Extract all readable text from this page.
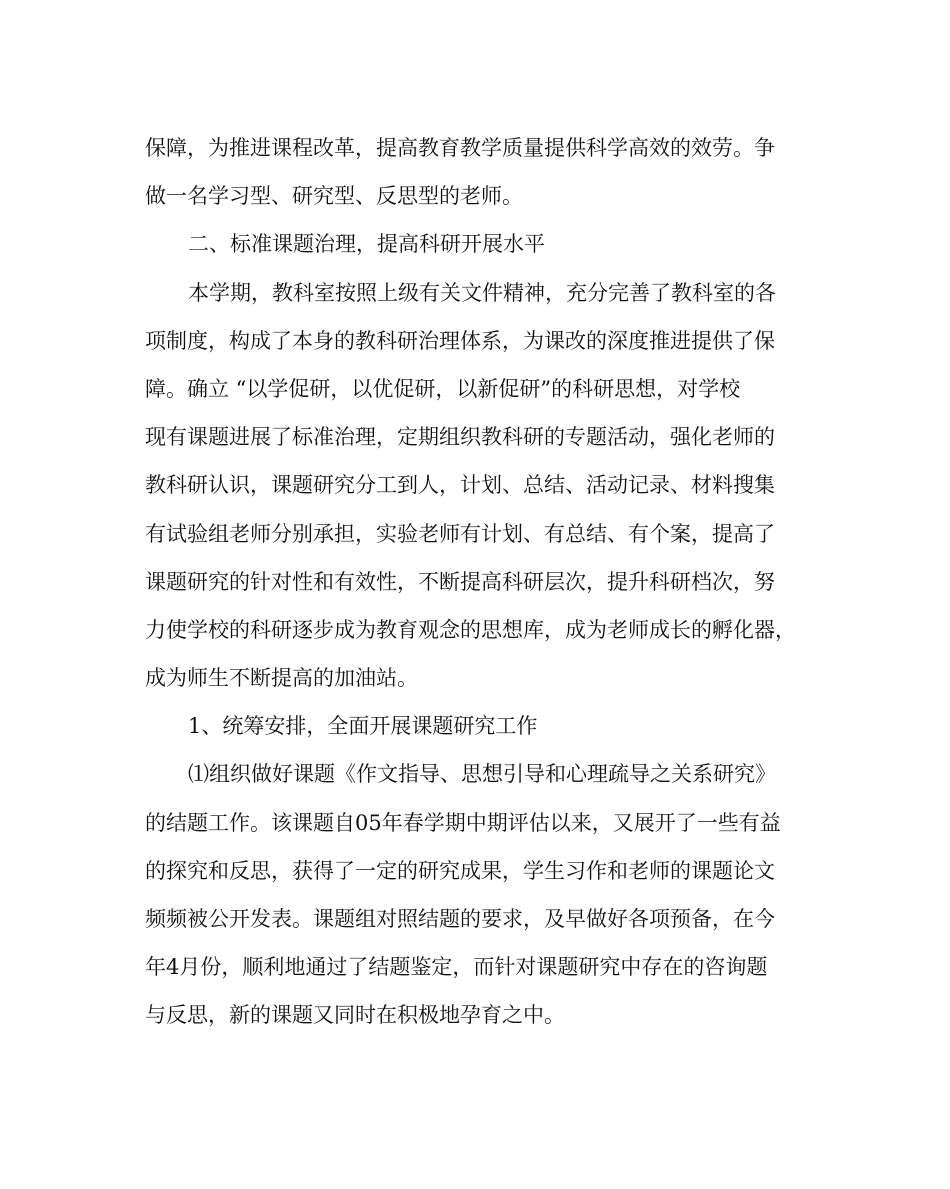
保障，为推进课程改革，提高教育教学质量提供科学高效的效劳。争
做一名学习型、研究型、反思型的老师。
二、标准课题治理，提高科研开展水平
本学期，教科室按照上级有关文件精神，充分完善了教科室的各
项制度，构成了本身的教科研治理体系，为课改的深度推进提供了保
障。确立 “以学促研，以优促研，以新促研”的科研思想，对学校
现有课题进展了标准治理，定期组织教科研的专题活动，强化老师的
教科研认识，课题研究分工到人，计划、总结、活动记录、材料搜集
有试验组老师分别承担，实验老师有计划、有总结、有个案，提高了
课题研究的针对性和有效性，不断提高科研层次，提升科研档次，努
力使学校的科研逐步成为教育观念的思想库，成为老师成长的孵化器，
成为师生不断提高的加油站。
1、统筹安排，全面开展课题研究工作
⑴组织做好课题《作文指导、思想引导和心理疏导之关系研究》
的结题工作。该课题自05年春学期中期评估以来，又展开了一些有益
的探究和反思，获得了一定的研究成果，学生习作和老师的课题论文
频频被公开发表。课题组对照结题的要求，及早做好各项预备，在今
年4月份，顺利地通过了结题鉴定，而针对课题研究中存在的咨询题
与反思，新的课题又同时在积极地孕育之中。
